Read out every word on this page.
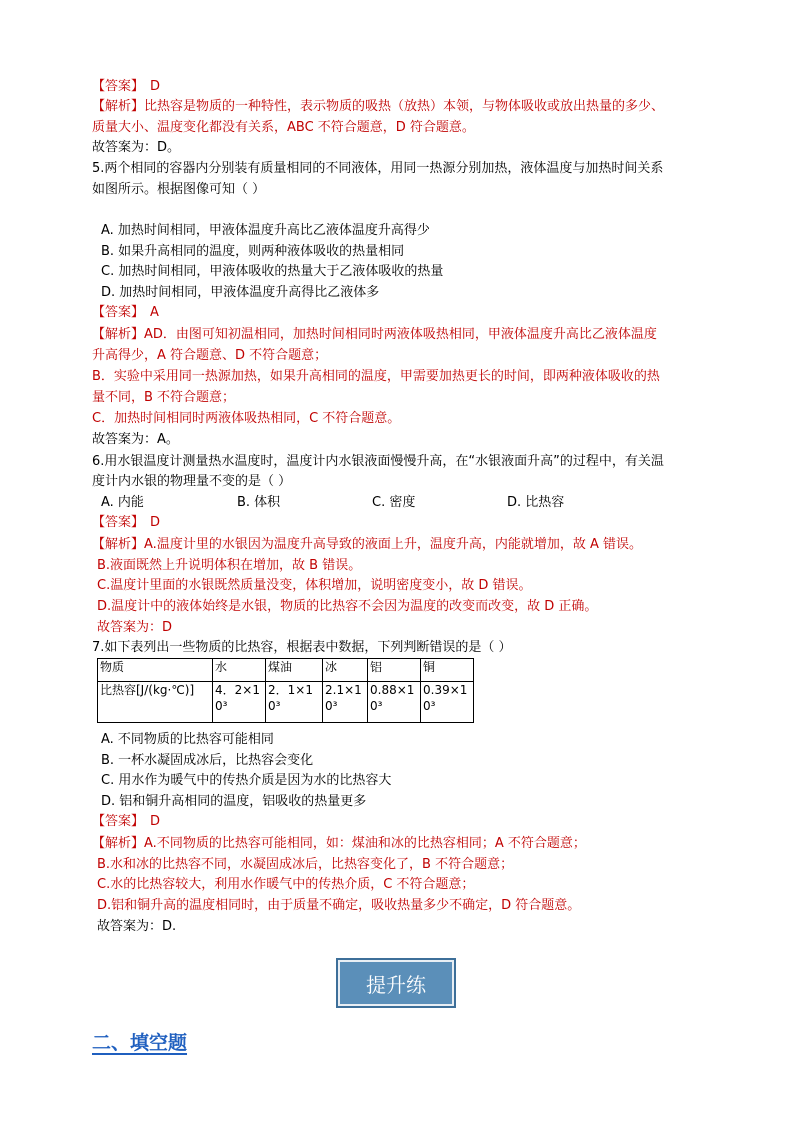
【答案】 D
【解析】比热容是物质的一种特性，表示物质的吸热（放热）本领，与物体吸收或放出热量的多少、
质量大小、温度变化都没有关系，ABC 不符合题意，D 符合题意。
故答案为：D。
5.两个相同的容器内分别装有质量相同的不同液体，用同一热源分别加热，液体温度与加热时间关系
如图所示。根据图像可知（ ）
A. 加热时间相同，甲液体温度升高比乙液体温度升高得少
B. 如果升高相同的温度，则两种液体吸收的热量相同
C. 加热时间相同，甲液体吸收的热量大于乙液体吸收的热量
D. 加热时间相同，甲液体温度升高得比乙液体多
【答案】 A
【解析】AD．由图可知初温相同，加热时间相同时两液体吸热相同，甲液体温度升高比乙液体温度
升高得少，A 符合题意、D 不符合题意；
B．实验中采用同一热源加热，如果升高相同的温度，甲需要加热更长的时间，即两种液体吸收的热
量不同，B 不符合题意；
C．加热时间相同时两液体吸热相同，C 不符合题意。
故答案为：A。
6.用水银温度计测量热水温度时，温度计内水银液面慢慢升高，在“水银液面升高”的过程中，有关温
度计内水银的物理量不变的是（ ）
A. 内能	B. 体积	C. 密度	D. 比热容
【答案】 D
【解析】A.温度计里的水银因为温度升高导致的液面上升，温度升高，内能就增加，故 A 错误。
B.液面既然上升说明体积在增加，故 B 错误。
C.温度计里面的水银既然质量没变，体积增加，说明密度变小，故 D 错误。
D.温度计中的液体始终是水银，物质的比热容不会因为温度的改变而改变，故 D 正确。
故答案为：D
7.如下表列出一些物质的比热容，根据表中数据，下列判断错误的是（ ）
物质	水	煤油	冰	铝	铜
比热容[J/(kg·℃)]	4．2×10³	2．1×10³	2.1×10³	0.88×10³	0.39×10³
A. 不同物质的比热容可能相同
B. 一杯水凝固成冰后，比热容会变化
C. 用水作为暖气中的传热介质是因为水的比热容大
D. 铝和铜升高相同的温度，铝吸收的热量更多
【答案】 D
【解析】A.不同物质的比热容可能相同，如：煤油和冰的比热容相同；A 不符合题意；
B.水和冰的比热容不同，水凝固成冰后，比热容变化了，B 不符合题意；
C.水的比热容较大，利用水作暖气中的传热介质，C 不符合题意；
D.铝和铜升高的温度相同时，由于质量不确定，吸收热量多少不确定，D 符合题意。
故答案为：D.
提升练
二、填空题
